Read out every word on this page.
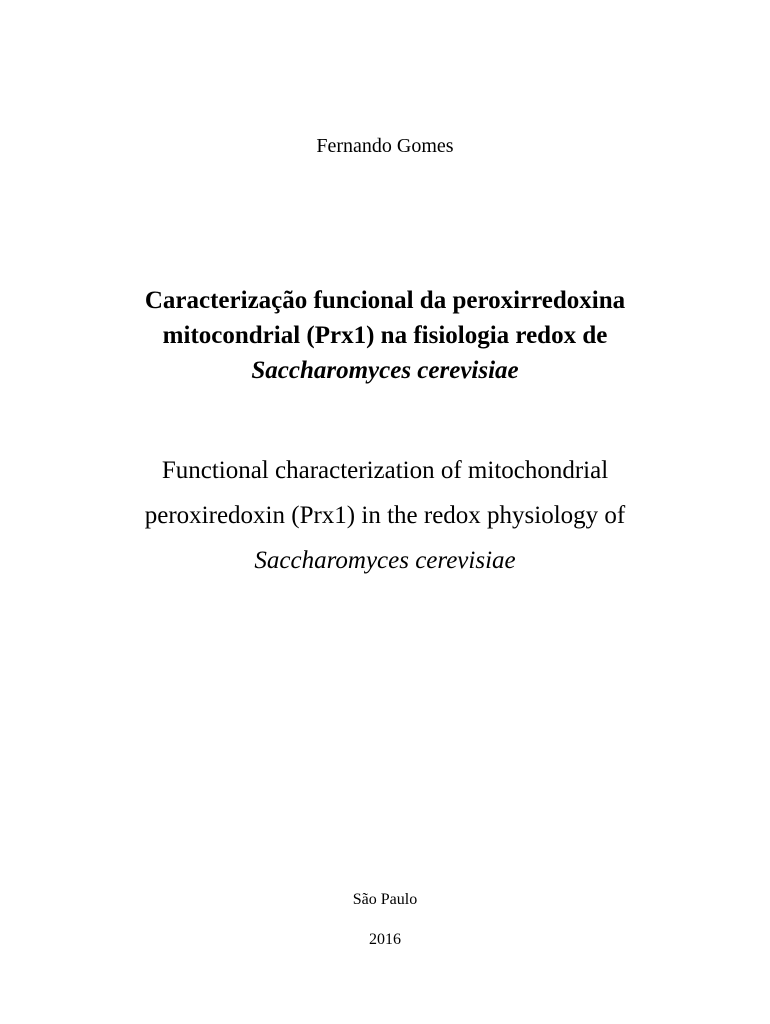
Fernando Gomes
Caracterização funcional da peroxirredoxina
mitocondrial (Prx1) na fisiologia redox de
Saccharomyces cerevisiae
Functional characterization of mitochondrial
peroxiredoxin (Prx1) in the redox physiology of
Saccharomyces cerevisiae
São Paulo
2016
